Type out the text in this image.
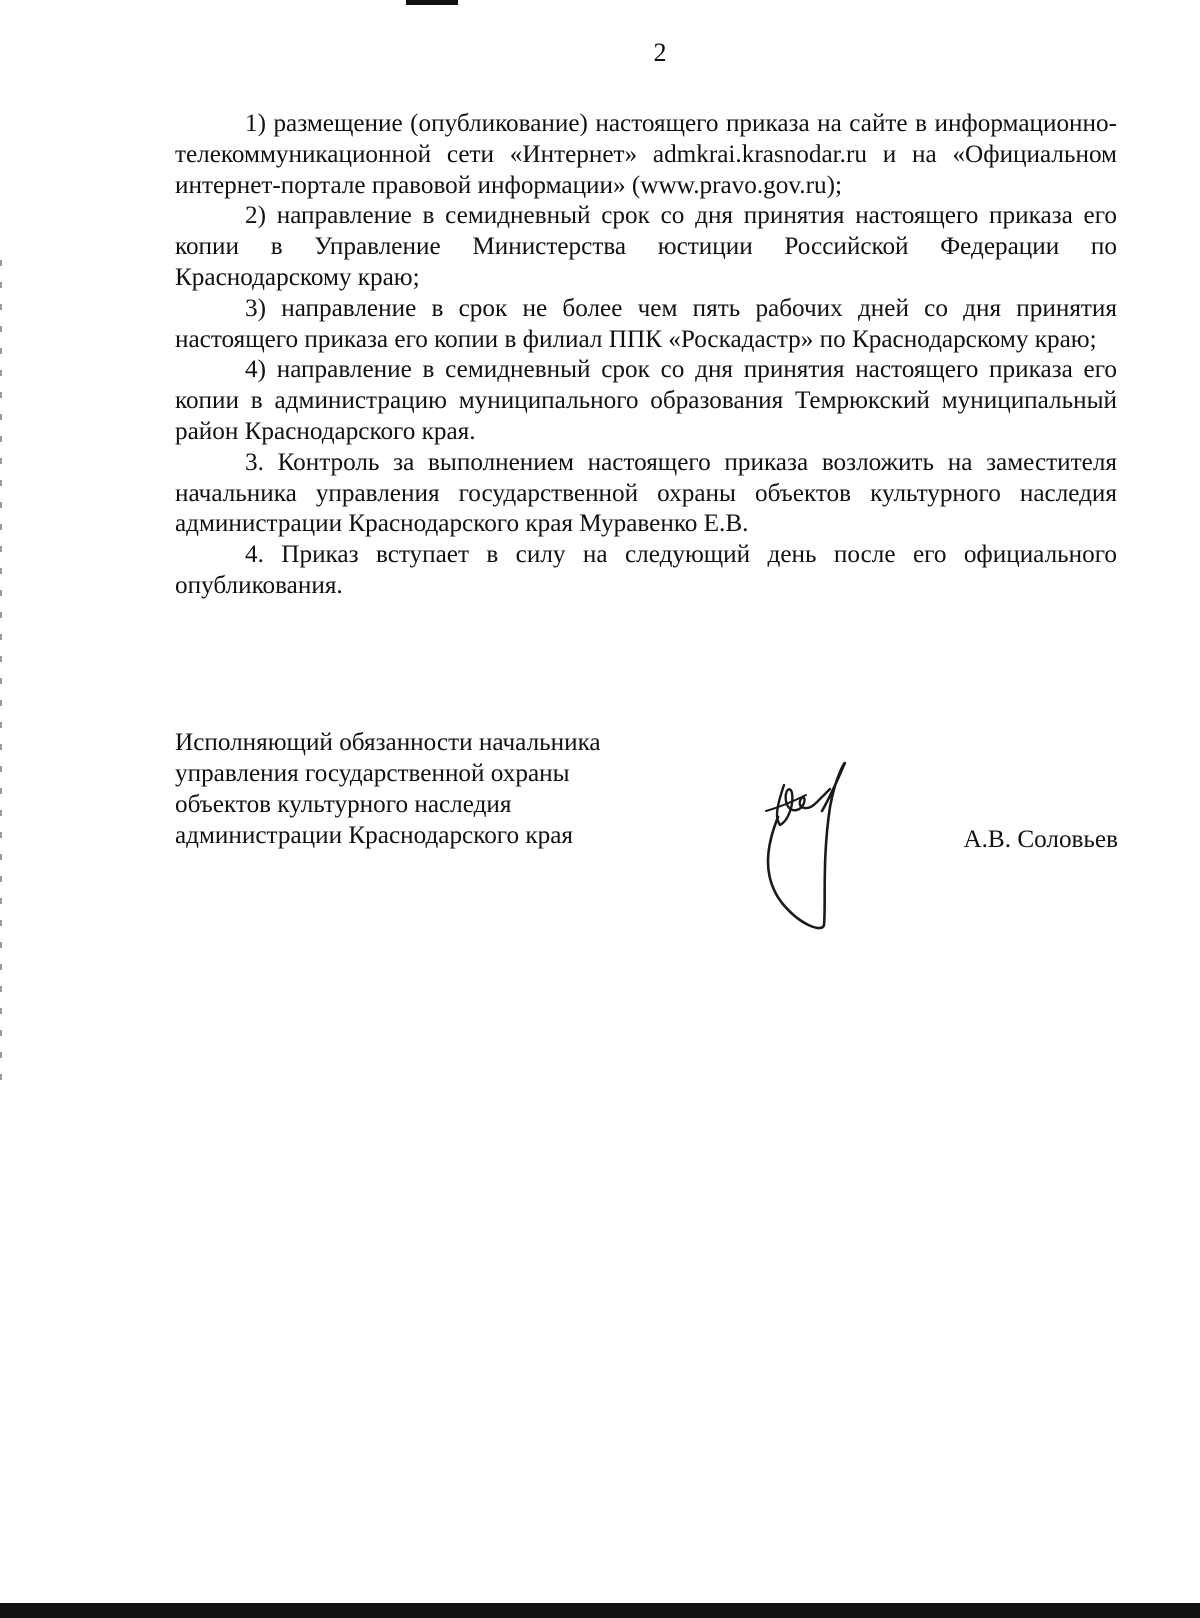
2

1) размещение (опубликование) настоящего приказа на сайте в информационно-телекоммуникационной сети «Интернет» admkrai.krasnodar.ru и на «Официальном интернет-портале правовой информации» (www.pravo.gov.ru);

2) направление в семидневный срок со дня принятия настоящего приказа его копии в Управление Министерства юстиции Российской Федерации по Краснодарскому краю;

3) направление в срок не более чем пять рабочих дней со дня принятия настоящего приказа его копии в филиал ППК «Роскадастр» по Краснодарскому краю;

4) направление в семидневный срок со дня принятия настоящего приказа его копии в администрацию муниципального образования Темрюкский муниципальный район Краснодарского края.

3. Контроль за выполнением настоящего приказа возложить на заместителя начальника управления государственной охраны объектов культурного наследия администрации Краснодарского края Муравенко Е.В.

4. Приказ вступает в силу на следующий день после его официального опубликования.

Исполняющий обязанности начальника
управления государственной охраны
объектов культурного наследия
администрации Краснодарского края	А.В. Соловьев
